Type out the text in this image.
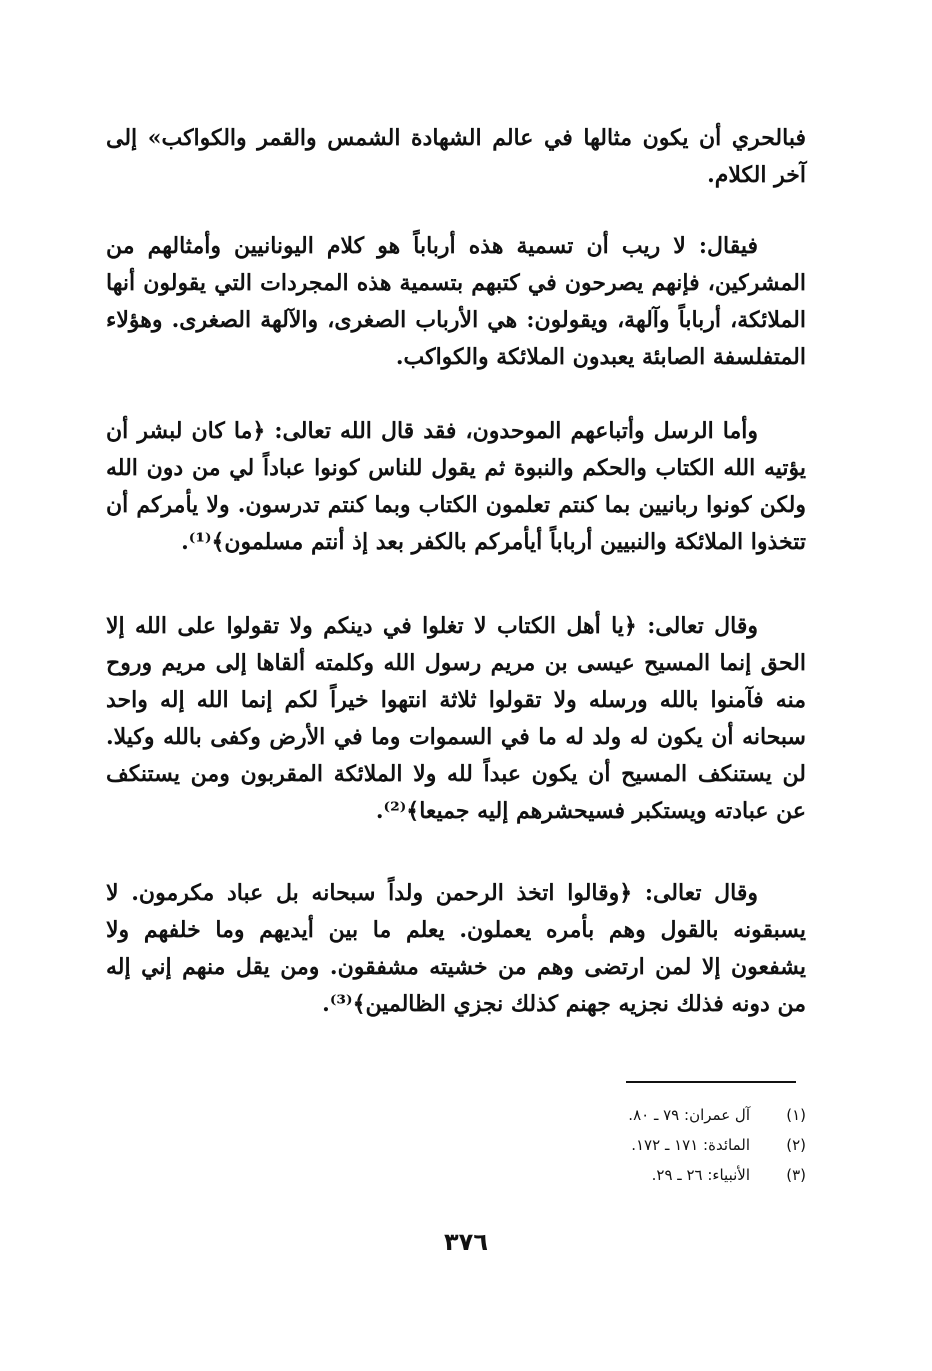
فبالحري أن يكون مثالها في عالم الشهادة الشمس والقمر والكواكب» إلى آخر الكلام.

فيقال: لا ريب أن تسمية هذه أرباباً هو كلام اليونانيين وأمثالهم من المشركين، فإنهم يصرحون في كتبهم بتسمية هذه المجردات التي يقولون أنها الملائكة، أرباباً وآلهة، ويقولون: هي الأرباب الصغرى، والآلهة الصغرى. وهؤلاء المتفلسفة الصابئة يعبدون الملائكة والكواكب.

وأما الرسل وأتباعهم الموحدون، فقد قال الله تعالى: ﴿ما كان لبشر أن يؤتيه الله الكتاب والحكم والنبوة ثم يقول للناس كونوا عباداً لي من دون الله ولكن كونوا ربانيين بما كنتم تعلمون الكتاب وبما كنتم تدرسون. ولا يأمركم أن تتخذوا الملائكة والنبيين أرباباً أيأمركم بالكفر بعد إذ أنتم مسلمون﴾⁽¹⁾.

وقال تعالى: ﴿يا أهل الكتاب لا تغلوا في دينكم ولا تقولوا على الله إلا الحق إنما المسيح عيسى بن مريم رسول الله وكلمته ألقاها إلى مريم وروح منه فآمنوا بالله ورسله ولا تقولوا ثلاثة انتهوا خيراً لكم إنما الله إله واحد سبحانه أن يكون له ولد له ما في السموات وما في الأرض وكفى بالله وكيلا. لن يستنكف المسيح أن يكون عبداً لله ولا الملائكة المقربون ومن يستنكف عن عبادته ويستكبر فسيحشرهم إليه جميعا﴾⁽²⁾.

وقال تعالى: ﴿وقالوا اتخذ الرحمن ولداً سبحانه بل عباد مكرمون. لا يسبقونه بالقول وهم بأمره يعملون. يعلم ما بين أيديهم وما خلفهم ولا يشفعون إلا لمن ارتضى وهم من خشيته مشفقون. ومن يقل منهم إني إله من دونه فذلك نجزيه جهنم كذلك نجزي الظالمين﴾⁽³⁾.

(١)
آل عمران: ٧٩ ـ ٨٠.
(٢)
المائدة: ١٧١ ـ ١٧٢.
(٣)
الأنبياء: ٢٦ ـ ٢٩.
٣٧٦
